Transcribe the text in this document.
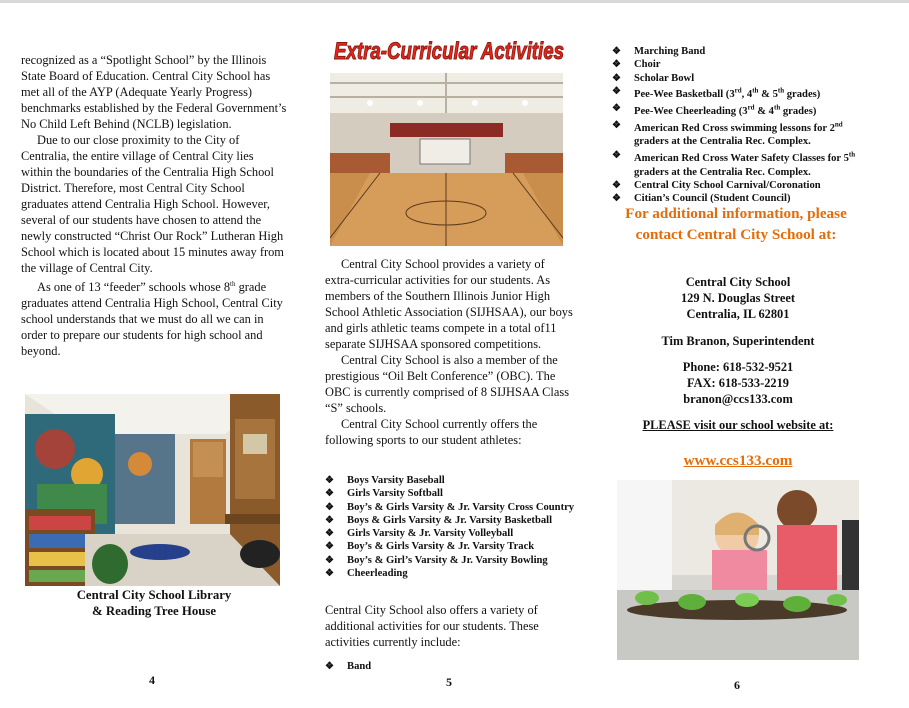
recognized as a “Spotlight School” by the Illinois State Board of Education. Central City School has met all of the AYP (Adequate Yearly Progress) benchmarks established by the Federal Government’s No Child Left Behind (NCLB) legislation.
Due to our close proximity to the City of Centralia, the entire village of Central City lies within the boundaries of the Centralia High School District. Therefore, most Central City School graduates attend Centralia High School. However, several of our students have chosen to attend the newly constructed “Christ Our Rock” Lutheran High School which is located about 15 minutes away from the village of Central City.
As one of 13 “feeder” schools whose 8th grade graduates attend Centralia High School, Central City school understands that we must do all we can in order to prepare our students for high school and beyond.
Central City School Library
& Reading Tree House
4
Extra-Curricular Activities
Central City School provides a variety of extra-curricular activities for our students. As members of the Southern Illinois Junior High School Athletic Association (SIJHSAA), our boys and girls athletic teams compete in a total of11 separate SIJHSAA sponsored competitions.
Central City School is also a member of the prestigious “Oil Belt Conference” (OBC). The OBC is currently comprised of 8 SIJHSAA Class “S” schools.
Central City School currently offers the following sports to our student athletes:
❖ Boys Varsity Baseball
❖ Girls Varsity Softball
❖ Boy’s & Girls Varsity & Jr. Varsity Cross Country
❖ Boys & Girls Varsity & Jr. Varsity Basketball
❖ Girls Varsity & Jr. Varsity Volleyball
❖ Boy’s & Girls Varsity & Jr. Varsity Track
❖ Boy’s & Girl’s Varsity & Jr. Varsity Bowling
❖ Cheerleading
Central City School also offers a variety of additional activities for our students. These activities currently include:
❖ Band
5
❖ Marching Band
❖ Choir
❖ Scholar Bowl
❖ Pee-Wee Basketball (3rd, 4th & 5th grades)
❖ Pee-Wee Cheerleading (3rd & 4th grades)
❖ American Red Cross swimming lessons for 2nd graders at the Centralia Rec. Complex.
❖ American Red Cross Water Safety Classes for 5th graders at the Centralia Rec. Complex.
❖ Central City School Carnival/Coronation
❖ Citian’s Council (Student Council)
For additional information, please contact Central City School at:
Central City School
129 N. Douglas Street
Centralia, IL 62801
Tim Branon, Superintendent
Phone: 618-532-9521
FAX: 618-533-2219
branon@ccs133.com
PLEASE visit our school website at:
www.ccs133.com
6
